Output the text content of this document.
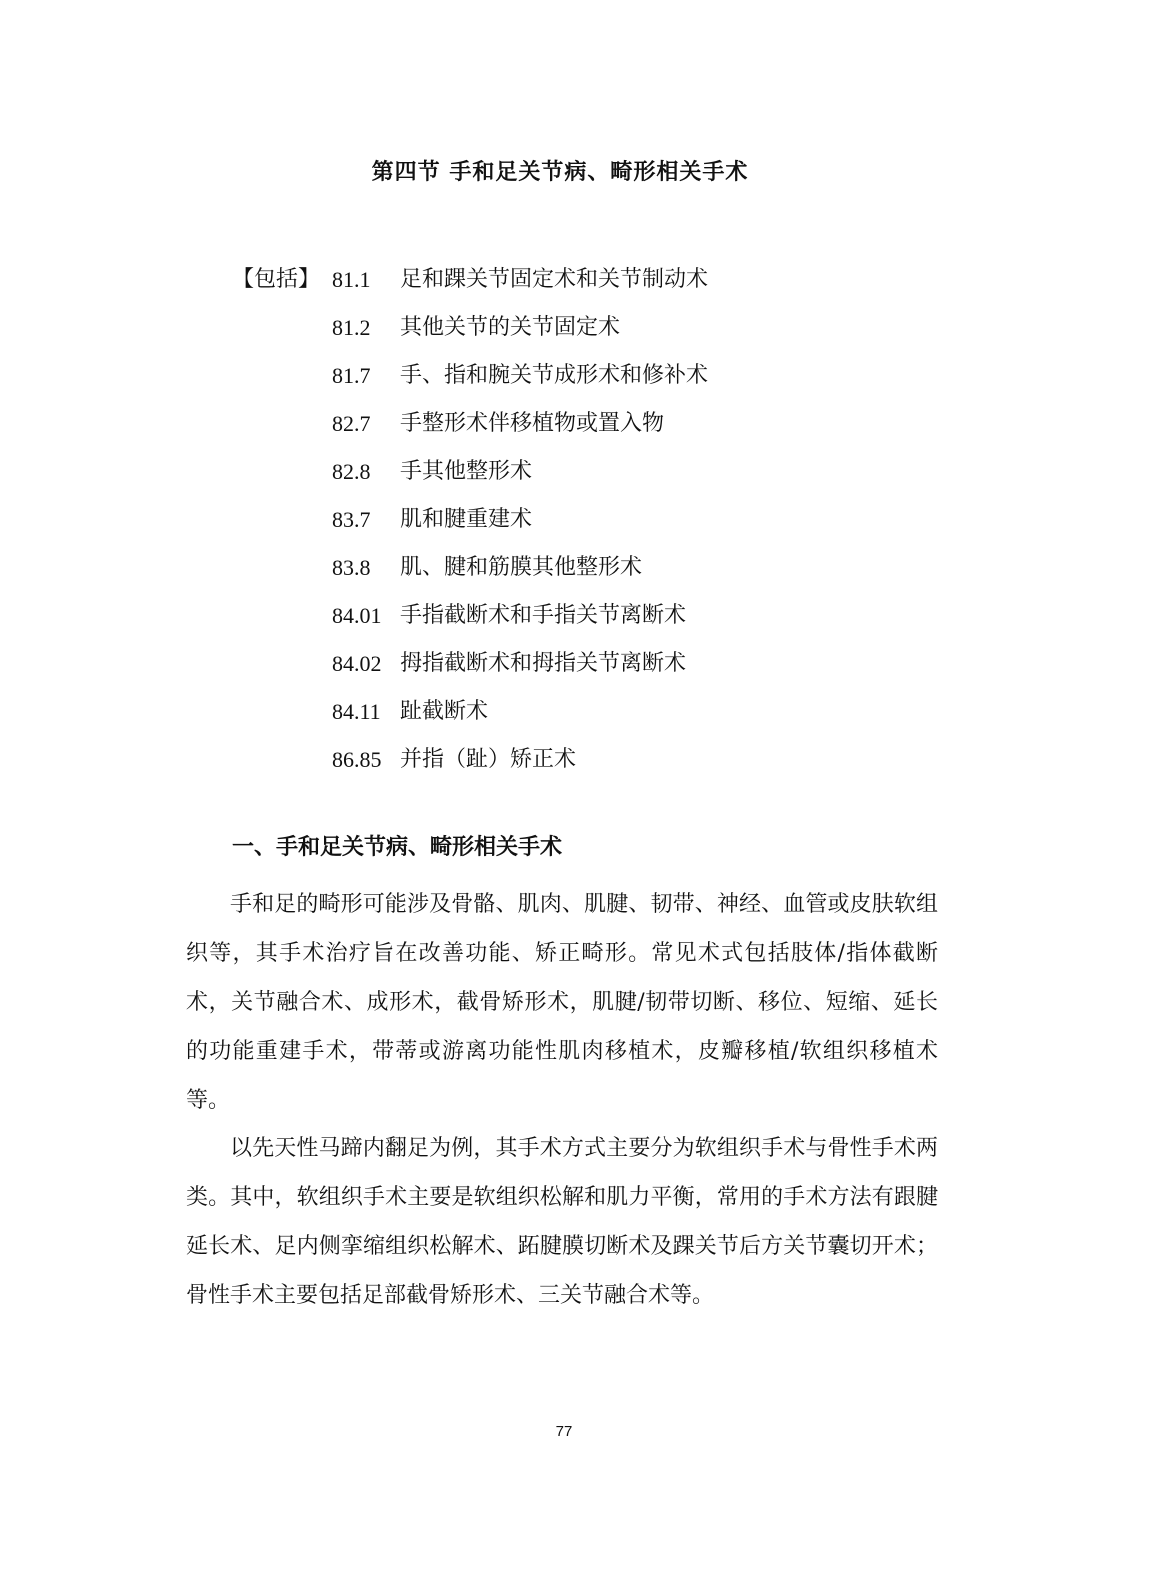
第四节 手和足关节病、畸形相关手术
【包括】 81.1	足和踝关节固定术和关节制动术
81.2	其他关节的关节固定术
81.7	手、指和腕关节成形术和修补术
82.7	手整形术伴移植物或置入物
82.8	手其他整形术
83.7	肌和腱重建术
83.8	肌、腱和筋膜其他整形术
84.01 手指截断术和手指关节离断术
84.02 拇指截断术和拇指关节离断术
84.11 趾截断术
86.85 并指（趾）矫正术
一、手和足关节病、畸形相关手术

手和足的畸形可能涉及骨骼、肌肉、肌腱、韧带、神经、血管或皮肤软组织等，其手术治疗旨在改善功能、矫正畸形。常见术式包括肢体/指体截断术，关节融合术、成形术，截骨矫形术，肌腱/韧带切断、移位、短缩、延长的功能重建手术，带蒂或游离功能性肌肉移植术，皮瓣移植/软组织移植术等。

以先天性马蹄内翻足为例，其手术方式主要分为软组织手术与骨性手术两类。其中，软组织手术主要是软组织松解和肌力平衡，常用的手术方法有跟腱延长术、足内侧挛缩组织松解术、跖腱膜切断术及踝关节后方关节囊切开术；骨性手术主要包括足部截骨矫形术、三关节融合术等。

77
